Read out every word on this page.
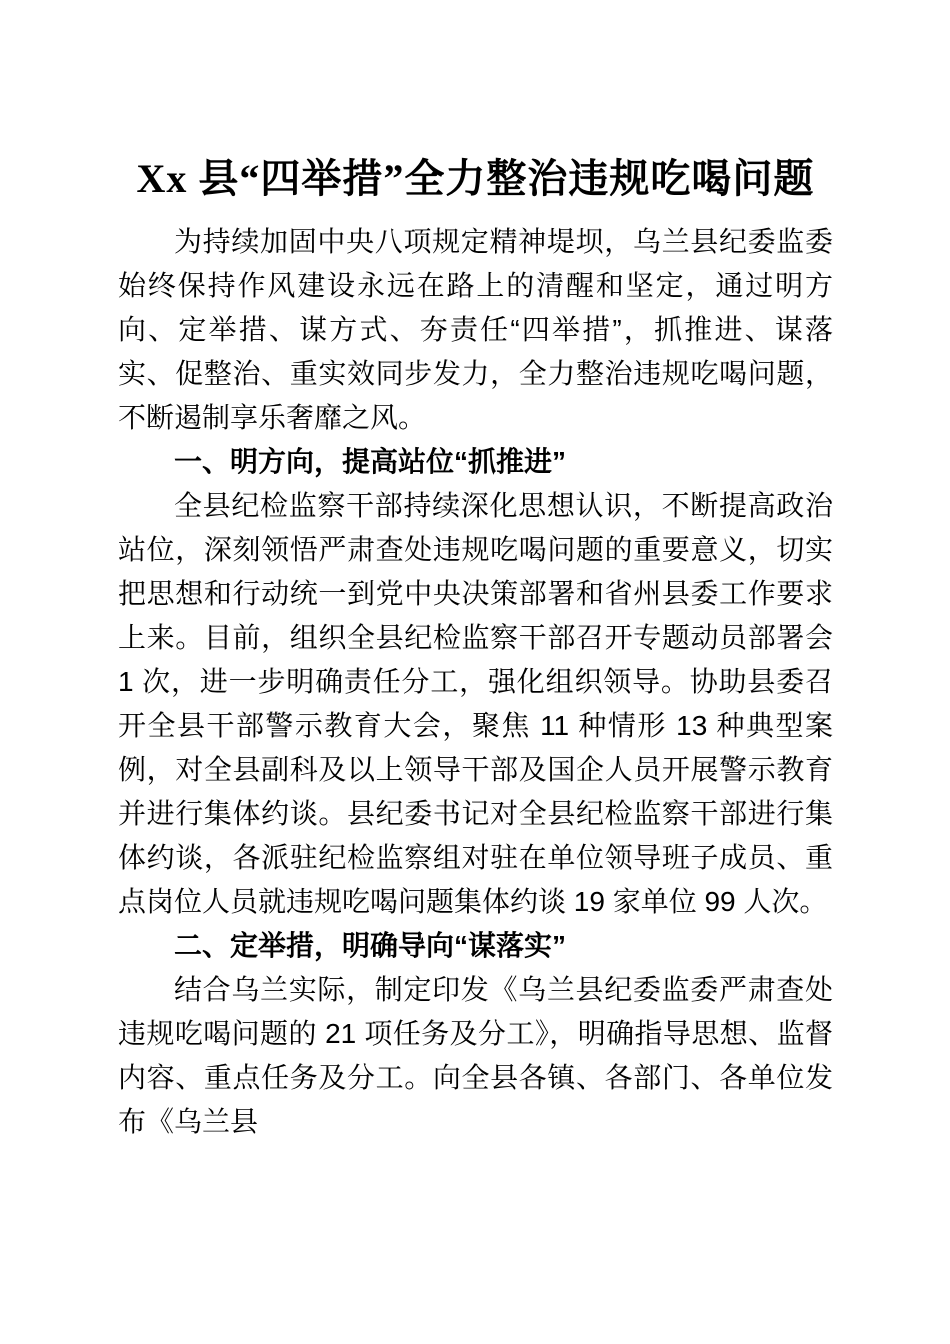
Xx 县“四举措”全力整治违规吃喝问题

为持续加固中央八项规定精神堤坝，乌兰县纪委监委始终保持作风建设永远在路上的清醒和坚定，通过明方向、定举措、谋方式、夯责任“四举措”，抓推进、谋落实、促整治、重实效同步发力，全力整治违规吃喝问题，不断遏制享乐奢靡之风。

一、明方向，提高站位“抓推进”

全县纪检监察干部持续深化思想认识，不断提高政治站位，深刻领悟严肃查处违规吃喝问题的重要意义，切实把思想和行动统一到党中央决策部署和省州县委工作要求上来。目前，组织全县纪检监察干部召开专题动员部署会 1 次，进一步明确责任分工，强化组织领导。协助县委召开全县干部警示教育大会，聚焦 11 种情形 13 种典型案例，对全县副科及以上领导干部及国企人员开展警示教育并进行集体约谈。县纪委书记对全县纪检监察干部进行集体约谈，各派驻纪检监察组对驻在单位领导班子成员、重点岗位人员就违规吃喝问题集体约谈 19 家单位 99 人次。

二、定举措，明确导向“谋落实”

结合乌兰实际，制定印发《乌兰县纪委监委严肃查处违规吃喝问题的 21 项任务及分工》，明确指导思想、监督内容、重点任务及分工。向全县各镇、各部门、各单位发布《乌兰县
